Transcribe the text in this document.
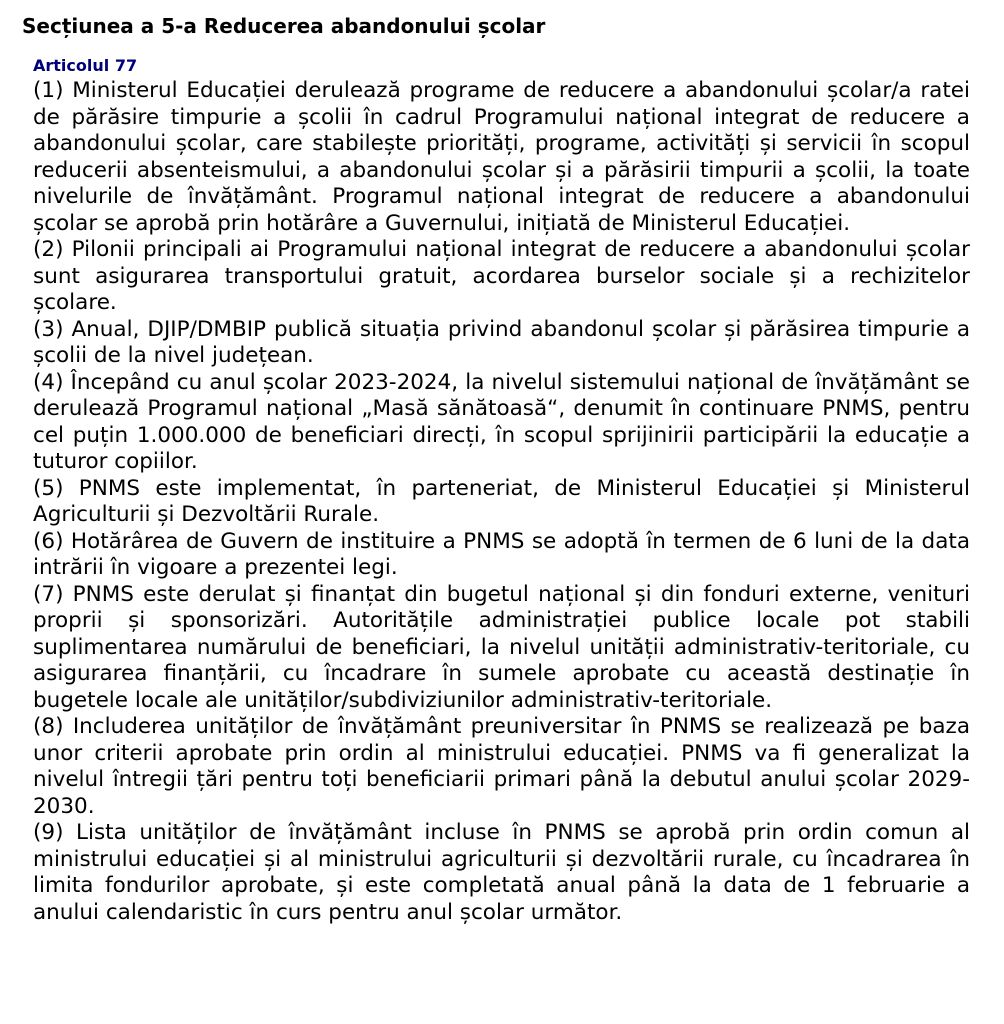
Secțiunea a 5-a Reducerea abandonului școlar
Articolul 77

(1) Ministerul Educației derulează programe de reducere a abandonului școlar/a ratei de părăsire timpurie a școlii în cadrul Programului național integrat de reducere a abandonului școlar, care stabilește priorități, programe, activități și servicii în scopul reducerii absenteismului, a abandonului școlar și a părăsirii timpurii a școlii, la toate nivelurile de învățământ. Programul național integrat de reducere a abandonului școlar se aprobă prin hotărâre a Guvernului, inițiată de Ministerul Educației.

(2) Pilonii principali ai Programului național integrat de reducere a abandonului școlar sunt asigurarea transportului gratuit, acordarea burselor sociale și a rechizitelor școlare.

(3) Anual, DJIP/DMBIP publică situația privind abandonul școlar și părăsirea timpurie a școlii de la nivel județean.

(4) Începând cu anul școlar 2023-2024, la nivelul sistemului național de învățământ se derulează Programul național „Masă sănătoasă“, denumit în continuare PNMS, pentru cel puțin 1.000.000 de beneficiari direcți, în scopul sprijinirii participării la educație a tuturor copiilor.

(5) PNMS este implementat, în parteneriat, de Ministerul Educației și Ministerul Agriculturii și Dezvoltării Rurale.

(6) Hotărârea de Guvern de instituire a PNMS se adoptă în termen de 6 luni de la data intrării în vigoare a prezentei legi.

(7) PNMS este derulat și finanțat din bugetul național și din fonduri externe, venituri proprii și sponsorizări. Autoritățile administrației publice locale pot stabili suplimentarea numărului de beneficiari, la nivelul unității administrativ-teritoriale, cu asigurarea finanțării, cu încadrare în sumele aprobate cu această destinație în bugetele locale ale unităților/subdiviziunilor administrativ-teritoriale.

(8) Includerea unităților de învățământ preuniversitar în PNMS se realizează pe baza unor criterii aprobate prin ordin al ministrului educației. PNMS va fi generalizat la nivelul întregii țări pentru toți beneficiarii primari până la debutul anului școlar 2029-2030.

(9) Lista unităților de învățământ incluse în PNMS se aprobă prin ordin comun al ministrului educației și al ministrului agriculturii și dezvoltării rurale, cu încadrarea în limita fondurilor aprobate, și este completată anual până la data de 1 februarie a anului calendaristic în curs pentru anul școlar următor.
